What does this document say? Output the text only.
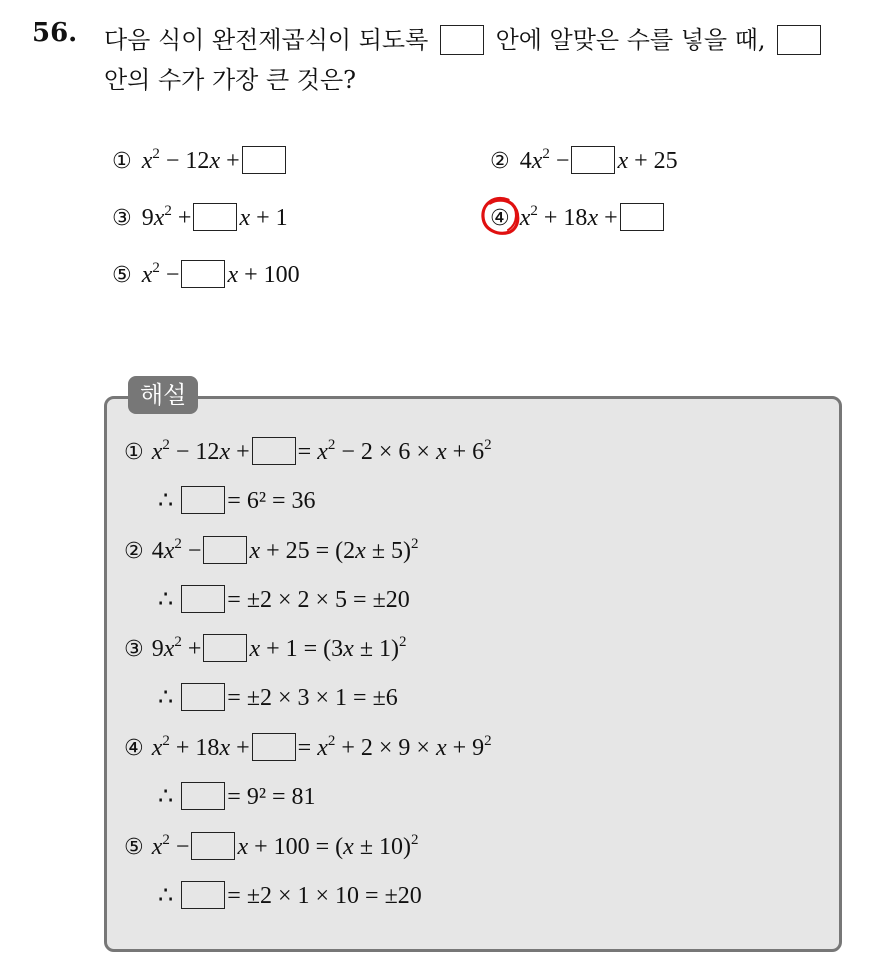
56. 다음 식이 완전제곱식이 되도록	안에 알맞은 수를 넣을 때,
안의 수가 가장 큰 것은?
① $x^2 - 12x$ +	② $4x^2 - x + 25$
③ $9x^2 + x + 1$	④ $x^2 + 18x$ +
⑤ $x^2 - x + 100$
해설
① $x^2 - 12x$ + = $x^2 - 2 \times 6 \times x + 6^2$
∴ = 6² = 36
② $4x^2 - x + 25 = (2x \pm 5)^2$
∴ = ±2 × 2 × 5 = ±20
③ $9x^2 + x + 1 = (3x \pm 1)^2$
∴ = ±2 × 3 × 1 = ±6
④ $x^2 + 18x$ + = $x^2 + 2 \times 9 \times x + 9^2$
∴ = 9² = 81
⑤ $x^2 - x + 100 = (x \pm 10)^2$
∴ = ±2 × 1 × 10 = ±20
